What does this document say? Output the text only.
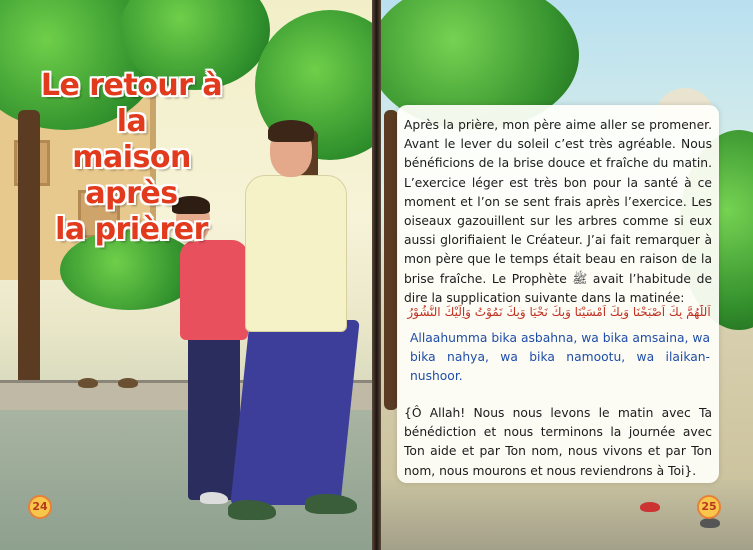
Le retour à la
maison après
la prièrer
24
Après la prière, mon père aime aller se promener. Avant le lever du soleil c’est très agréable. Nous bénéficions de la brise douce et fraîche du matin. L’exercice léger est très bon pour la santé à ce moment et l’on se sent frais après l’exercice. Les oiseaux gazouillent sur les arbres comme si eux aussi glorifiaient le Créateur. J’ai fait remarquer à mon père que le temps était beau en raison de la brise fraîche. Le Prophète ﷺ avait l’habitude de dire la supplication suivante dans la matinée:
اَللّٰهُمَّ بِكَ اَصْبَحْنَا وَبِكَ اَمْسَيْنَا وَبِكَ نَحْيَا وَبِكَ نَمُوْتُ وَاِلَيْكَ النُّشُوْرُ
Allaahumma bika asbahna, wa bika amsaina, wa bika nahya, wa bika namootu, wa ilaikan-nushoor.
{Ô Allah! Nous nous levons le matin avec Ta bénédiction et nous terminons la journée avec Ton aide et par Ton nom, nous vivons et par Ton nom, nous mourons et nous reviendrons à Toi}.
25
